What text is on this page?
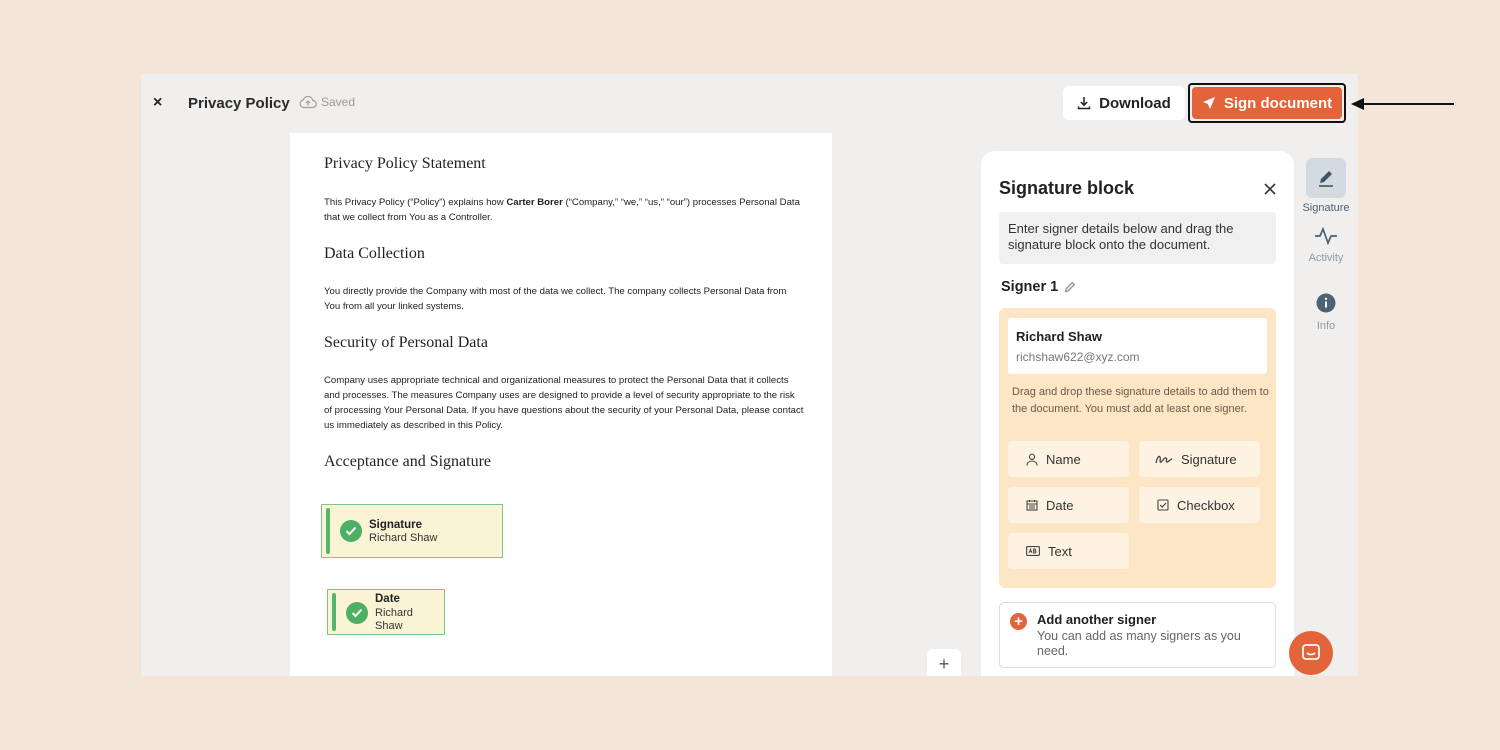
× Privacy Policy	Saved	Download	Sign document
Privacy Policy Statement
This Privacy Policy (“Policy”) explains how Carter Borer (“Company,” “we,” “us,” “our”) processes Personal Data that we collect from You as a Controller.
Data Collection
You directly provide the Company with most of the data we collect. The company collects Personal Data from You from all your linked systems.
Security of Personal Data
Company uses appropriate technical and organizational measures to protect the Personal Data that it collects and processes. The measures Company uses are designed to provide a level of security appropriate to the risk of processing Your Personal Data. If you have questions about the security of your Personal Data, please contact us immediately as described in this Policy.
Acceptance and Signature
Signature
Richard Shaw
Date
Richard Shaw
+
Signature block
Enter signer details below and drag the signature block onto the document.
Signer 1
Richard Shaw
richshaw622@xyz.com
Drag and drop these signature details to add them to the document. You must add at least one signer.
Name	Signature
Date	Checkbox
Text
+	Add another signer
You can add as many signers as you need.
Signature
Activity
Info
